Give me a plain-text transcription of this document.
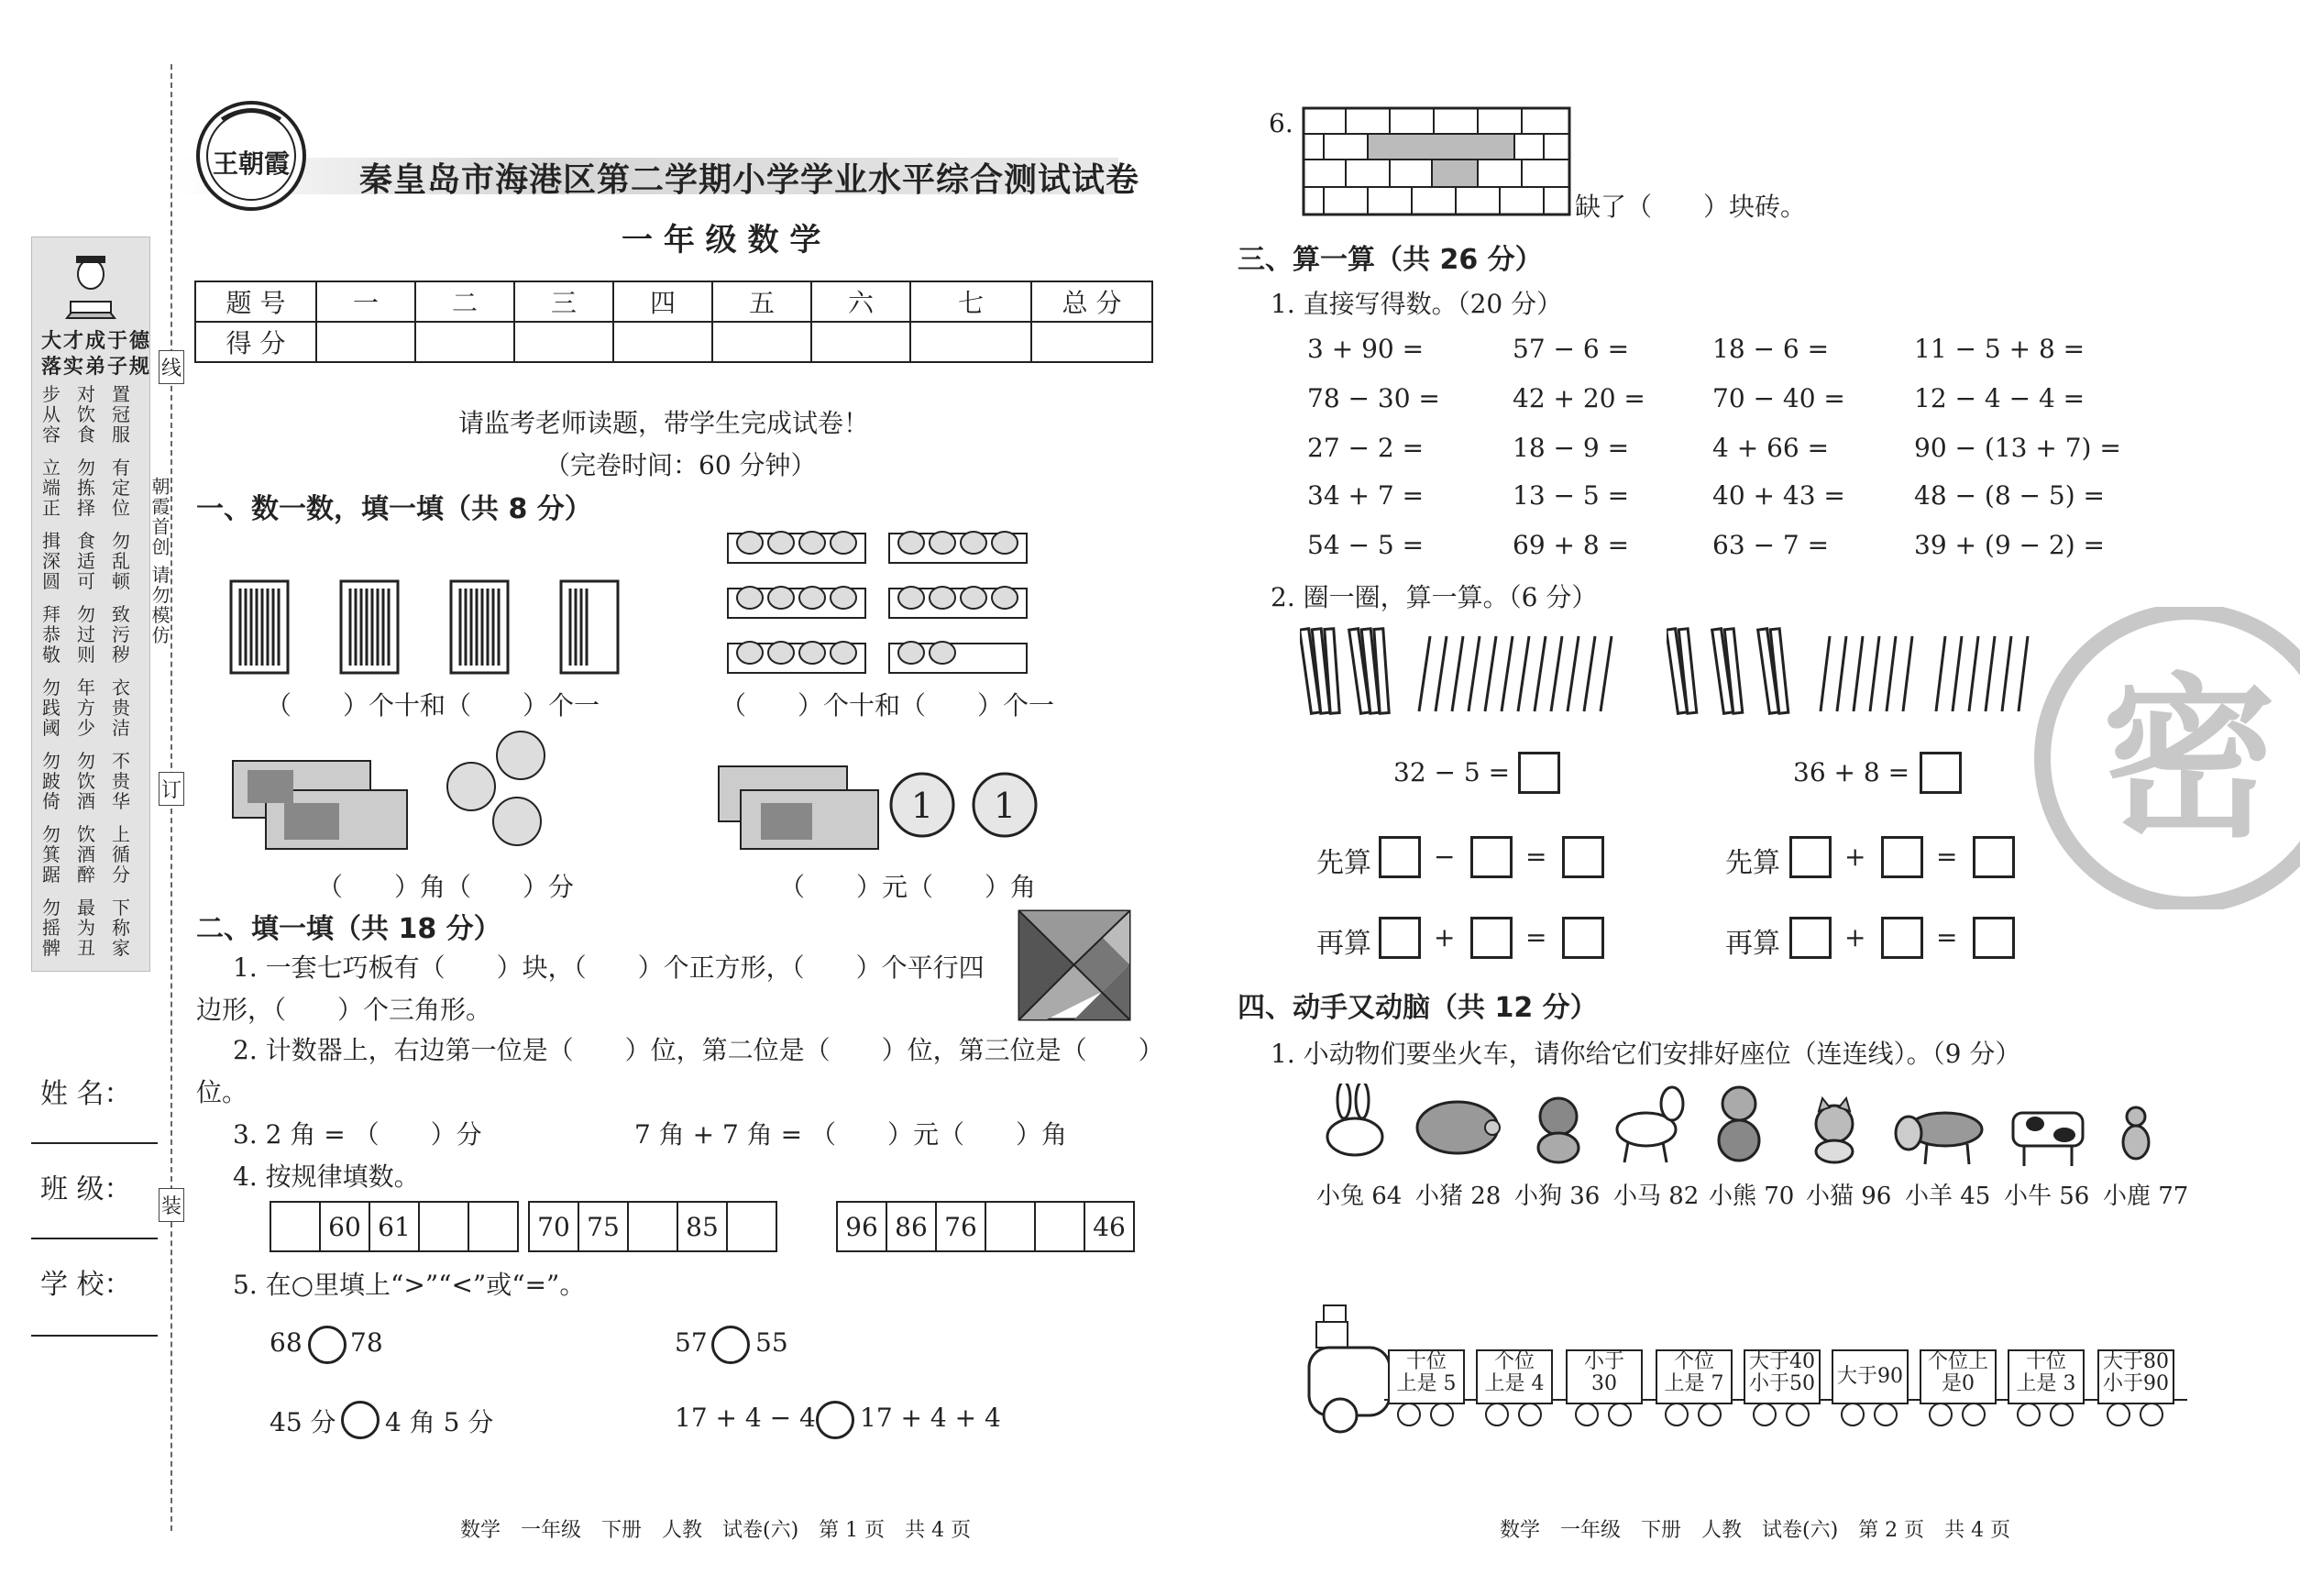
大才成于德
落实弟子规
步从容
对饮食
置冠服
立端正
勿拣择
有定位
揖深圆
食适可
勿乱顿
拜恭敬
勿过则
致污秽
勿践阈
年方少
衣贵洁
勿跛倚
勿饮酒
不贵华
勿箕踞
饮酒醉
上循分
勿摇髀
最为丑
下称家
姓 名：
班 级：
学 校：
线
订
装
朝霞首创 请勿模仿
王朝霞 秦皇岛市海港区第二学期小学学业水平综合测试试卷
一 年 级 数 学
题 号	一	二	三	四	五	六	七	总 分
得 分								
请监考老师读题，带学生完成试卷！
（完卷时间：60 分钟）
一、数一数，填一填（共 8 分）
（　　）个十和（　　）个一	（　　）个十和（　　）个一
（　　）角（　　）分
1 1
（　　）元（　　）角
二、填一填（共 18 分）
1. 一套七巧板有（　　）块，（　　）个正方形，（　　）个平行四
边形，（　　）个三角形。
2. 计数器上，右边第一位是（　　）位，第二位是（　　）位，第三位是（　　）
位。
3. 2 角 = （　　）分	7 角 + 7 角 = （　　）元（　　）角
4. 按规律填数。
60 61	70 75	85	96 86 76	46
5. 在○里填上“>”“<”或“=”。
68 78	57 55
45 分 4 角 5 分	17 + 4 − 4 17 + 4 + 4
数学　一年级　下册　人教　试卷(六)　第 1 页　共 4 页
6.
缺了（　　）块砖。
三、算一算（共 26 分）
1. 直接写得数。（20 分）
3 + 90 =	57 − 6 =	18 − 6 =	11 − 5 + 8 =
78 − 30 =	42 + 20 =	70 − 40 =	12 − 4 − 4 =
27 − 2 =	18 − 9 =	4 + 66 =	90 − (13 + 7) =
34 + 7 =	13 − 5 =	40 + 43 =	48 − (8 − 5) =
54 − 5 =	69 + 8 =	63 − 7 =	39 + (9 − 2) =
2. 圈一圈，算一算。（6 分）
密
32 − 5 =	36 + 8 =
先算 −	=	先算	+	=
再算 +	=	再算	+	=
四、动手又动脑（共 12 分）
1. 小动物们要坐火车，请你给它们安排好座位（连连线）。（9 分）
小兔 64 小猪 28 小狗 36 小马 82 小熊 70 小猫 96 小羊 45 小牛 56 小鹿 77
十位
上是 5
个位
上是 4
小于
30
个位
上是 7
大于40
小于50 大于90
个位上
是0
十位
上是 3
大于80
小于90
数学　一年级　下册　人教　试卷(六)　第 2 页　共 4 页
